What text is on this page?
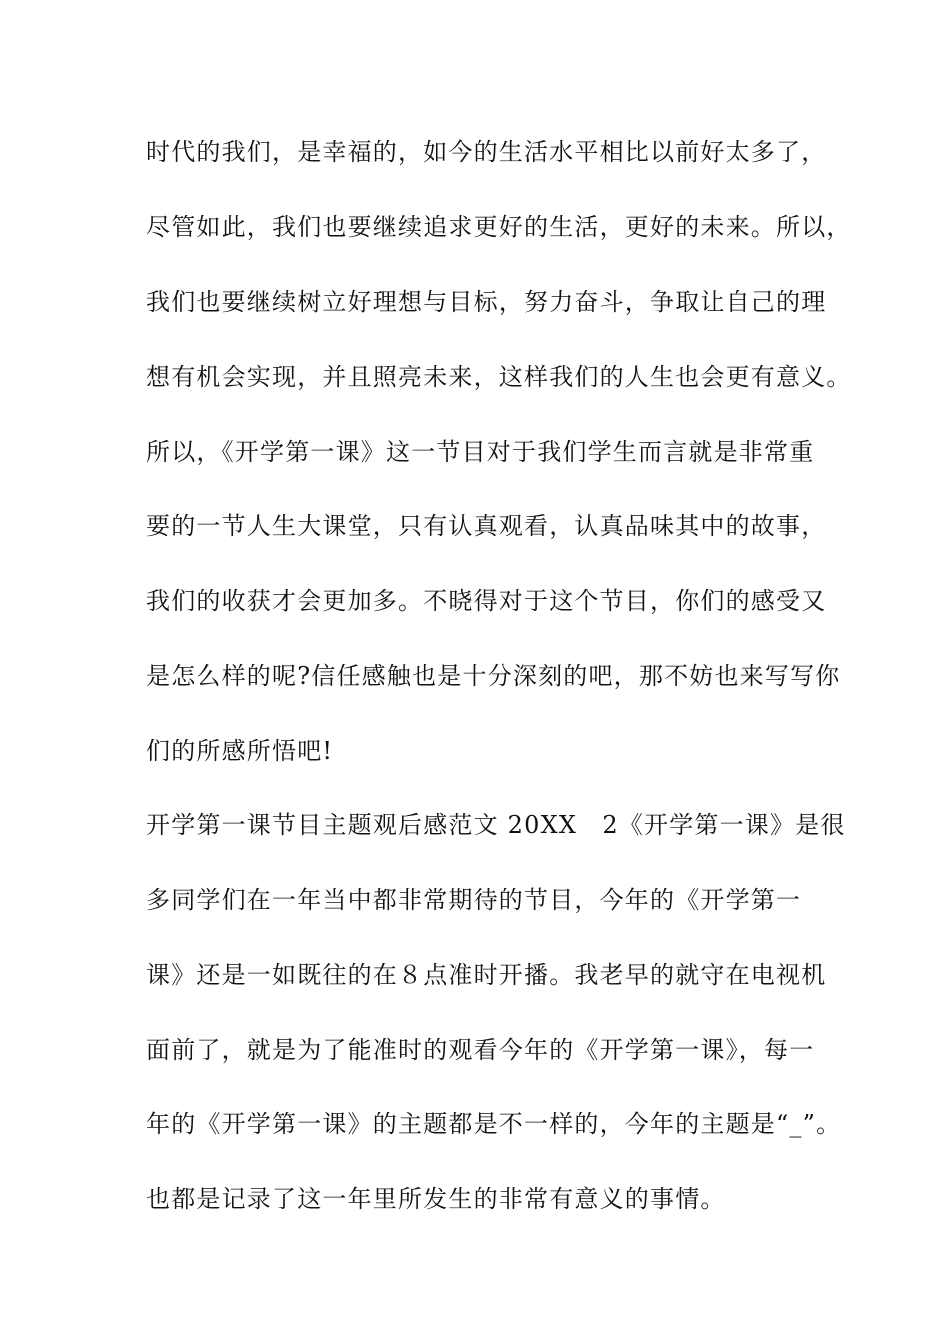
时代的我们，是幸福的，如今的生活水平相比以前好太多了，
尽管如此，我们也要继续追求更好的生活，更好的未来。所以，
我们也要继续树立好理想与目标，努力奋斗，争取让自己的理
想有机会实现，并且照亮未来，这样我们的人生也会更有意义。
所以，《开学第一课》这一节目对于我们学生而言就是非常重
要的一节人生大课堂，只有认真观看，认真品味其中的故事，
我们的收获才会更加多。不晓得对于这个节目，你们的感受又
是怎么样的呢?信任感触也是十分深刻的吧，那不妨也来写写你
们的所感所悟吧!
开学第一课节目主题观后感范文 20XX　2《开学第一课》是很
多同学们在一年当中都非常期待的节目，今年的《开学第一
课》还是一如既往的在８点准时开播。我老早的就守在电视机
面前了，就是为了能准时的观看今年的《开学第一课》，每一
年的《开学第一课》的主题都是不一样的，今年的主题是“_”。
也都是记录了这一年里所发生的非常有意义的事情。
